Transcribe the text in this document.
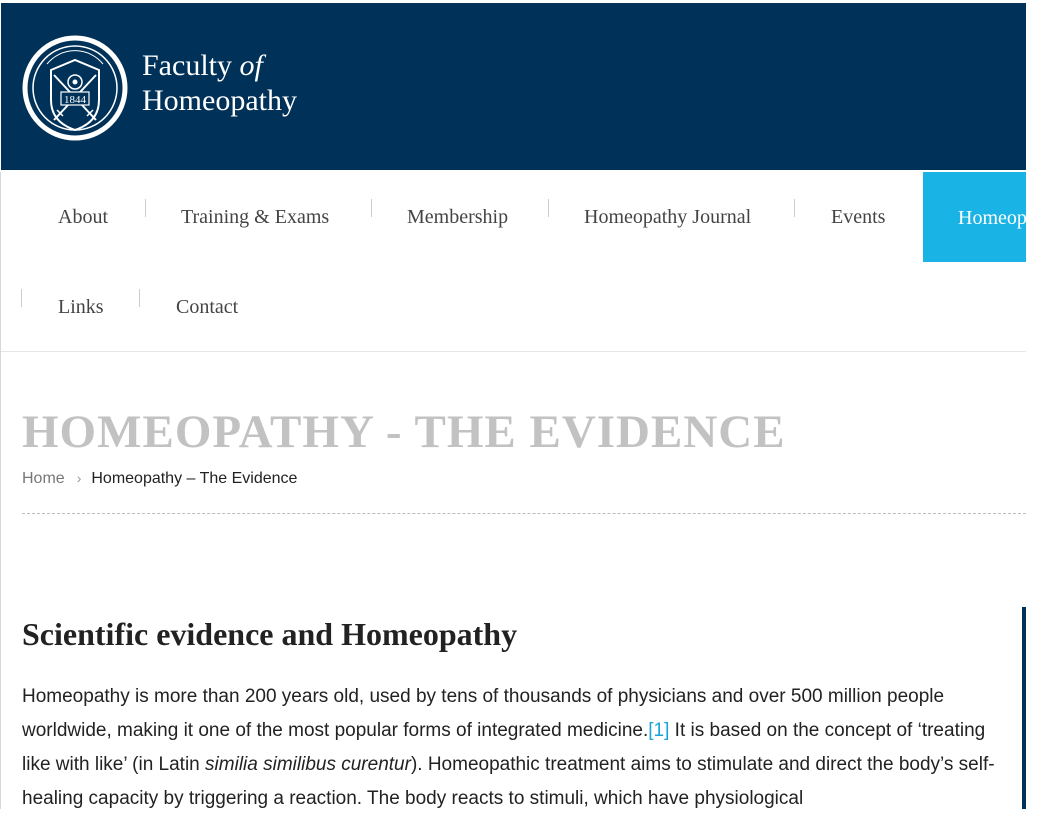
1844
Faculty of
Homeopathy
About	Training & Exams	Membership	Homeopathy Journal	Events	Homeopathy
Links	Contact
HOMEOPATHY - THE EVIDENCE
Home › Homeopathy – The Evidence
Scientific evidence and Homeopathy

Homeopathy is more than 200 years old, used by tens of thousands of physicians and over 500 million people worldwide, making it one of the most popular forms of integrated medicine.[1] It is based on the concept of ‘treating like with like’ (in Latin similia similibus curentur). Homeopathic treatment aims to stimulate and direct the body’s self-healing capacity by triggering a reaction. The body reacts to stimuli, which have physiological
